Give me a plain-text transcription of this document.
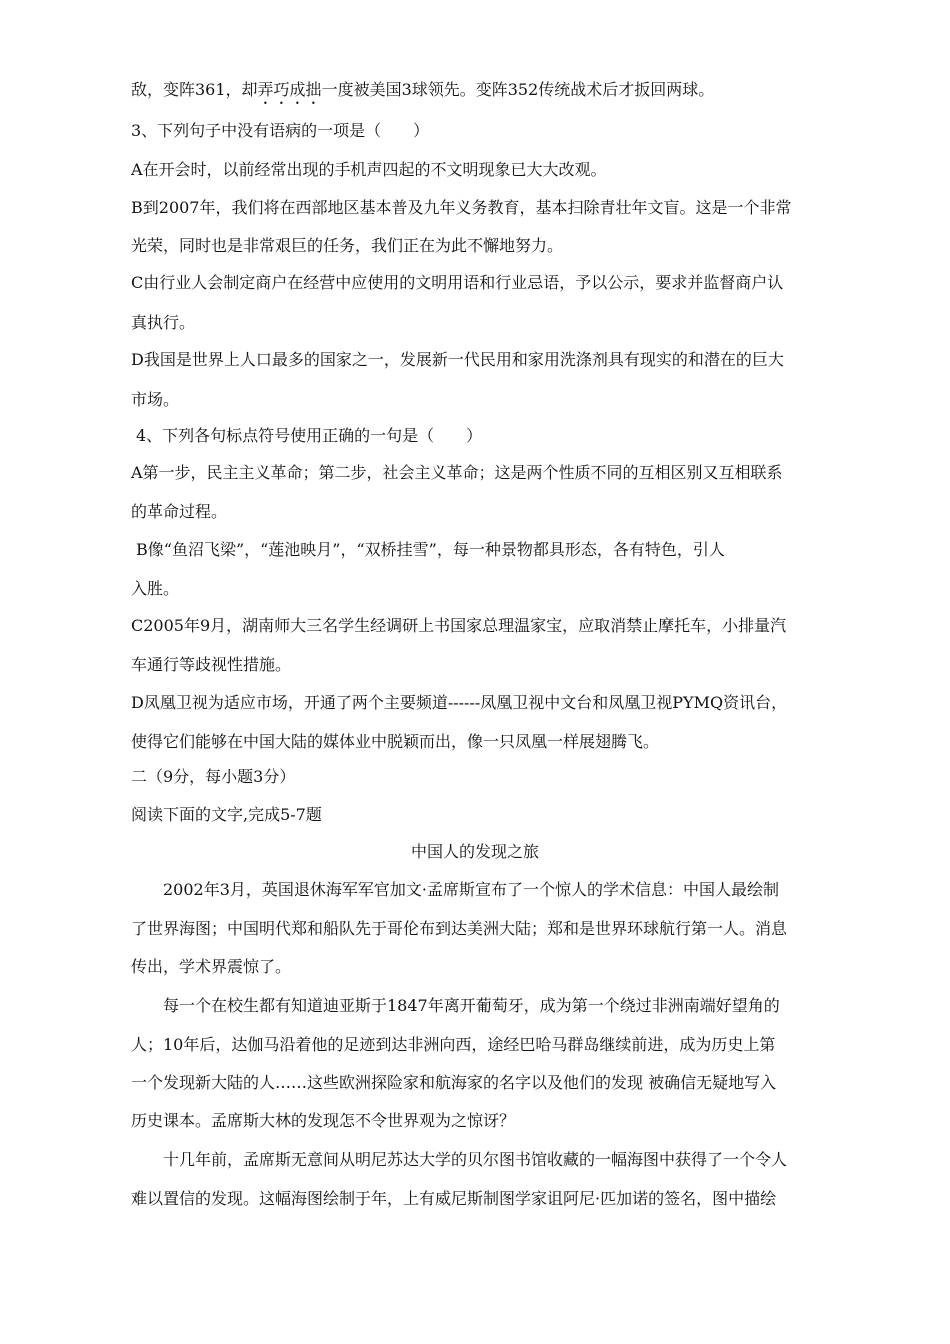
敌，变阵361，却弄巧成拙一度被美国3球领先。变阵352传统战术后才扳回两球。
3、下列句子中没有语病的一项是（　　）
A在开会时，以前经常出现的手机声四起的不文明现象已大大改观。
B到2007年，我们将在西部地区基本普及九年义务教育，基本扫除青壮年文盲。这是一个非常
光荣，同时也是非常艰巨的任务，我们正在为此不懈地努力。
C由行业人会制定商户在经营中应使用的文明用语和行业忌语，予以公示，要求并监督商户认
真执行。
D我国是世界上人口最多的国家之一，发展新一代民用和家用洗涤剂具有现实的和潜在的巨大
市场。
4、下列各句标点符号使用正确的一句是（　　）
A第一步，民主主义革命；第二步，社会主义革命；这是两个性质不同的互相区别又互相联系
的革命过程。
B像“鱼沼飞梁”，“莲池映月”，“双桥挂雪”，每一种景物都具形态，各有特色，引人
入胜。
C2005年9月，湖南师大三名学生经调研上书国家总理温家宝，应取消禁止摩托车，小排量汽
车通行等歧视性措施。
D凤凰卫视为适应市场，开通了两个主要频道------凤凰卫视中文台和凤凰卫视PYMQ资讯台，
使得它们能够在中国大陆的媒体业中脱颖而出，像一只凤凰一样展翅腾飞。
二（9分，每小题3分）
阅读下面的文字,完成5-7题
中国人的发现之旅
2002年3月，英国退休海军军官加文·孟席斯宣布了一个惊人的学术信息：中国人最绘制
了世界海图；中国明代郑和船队先于哥伦布到达美洲大陆；郑和是世界环球航行第一人。消息
传出，学术界震惊了。
每一个在校生都有知道迪亚斯于1847年离开葡萄牙，成为第一个绕过非洲南端好望角的
人；10年后，达伽马沿着他的足迹到达非洲向西，途经巴哈马群岛继续前进，成为历史上第
一个发现新大陆的人……这些欧洲探险家和航海家的名字以及他们的发现 被确信无疑地写入
历史课本。孟席斯大林的发现怎不令世界观为之惊讶？
十几年前，孟席斯无意间从明尼苏达大学的贝尔图书馆收藏的一幅海图中获得了一个令人
难以置信的发现。这幅海图绘制于年，上有威尼斯制图学家诅阿尼·匹加诺的签名，图中描绘
